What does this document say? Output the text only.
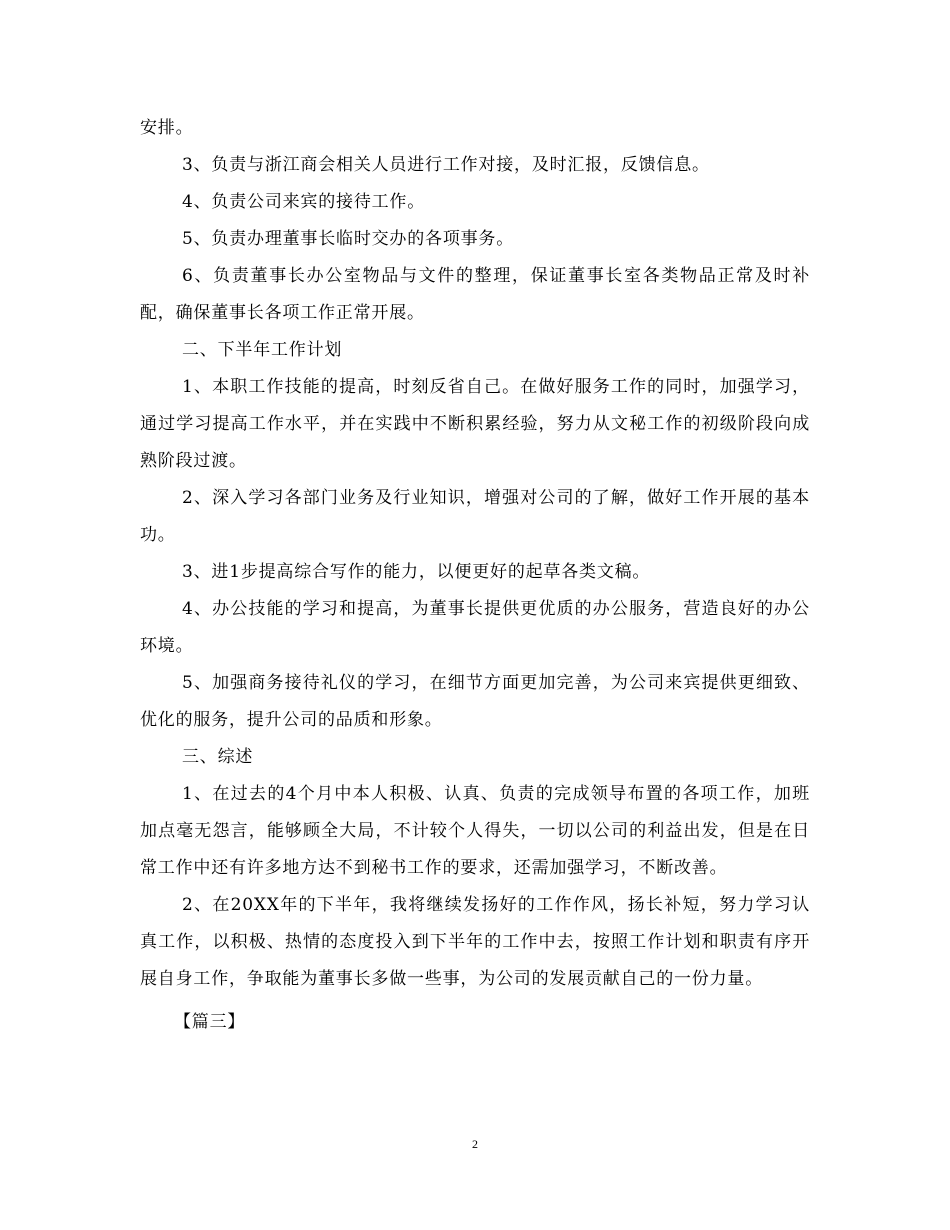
安排。

3、负责与浙江商会相关人员进行工作对接，及时汇报，反馈信息。

4、负责公司来宾的接待工作。

5、负责办理董事长临时交办的各项事务。

6、负责董事长办公室物品与文件的整理，保证董事长室各类物品正常及时补配，确保董事长各项工作正常开展。

二、下半年工作计划

1、本职工作技能的提高，时刻反省自己。在做好服务工作的同时，加强学习，通过学习提高工作水平，并在实践中不断积累经验，努力从文秘工作的初级阶段向成熟阶段过渡。

2、深入学习各部门业务及行业知识，增强对公司的了解，做好工作开展的基本功。

3、进1步提高综合写作的能力，以便更好的起草各类文稿。

4、办公技能的学习和提高，为董事长提供更优质的办公服务，营造良好的办公环境。

5、加强商务接待礼仪的学习，在细节方面更加完善，为公司来宾提供更细致、优化的服务，提升公司的品质和形象。

三、综述

1、在过去的4个月中本人积极、认真、负责的完成领导布置的各项工作，加班加点毫无怨言，能够顾全大局，不计较个人得失，一切以公司的利益出发，但是在日常工作中还有许多地方达不到秘书工作的要求，还需加强学习，不断改善。

2、在20XX年的下半年，我将继续发扬好的工作作风，扬长补短，努力学习认真工作，以积极、热情的态度投入到下半年的工作中去，按照工作计划和职责有序开展自身工作，争取能为董事长多做一些事，为公司的发展贡献自己的一份力量。

【篇三】

2
